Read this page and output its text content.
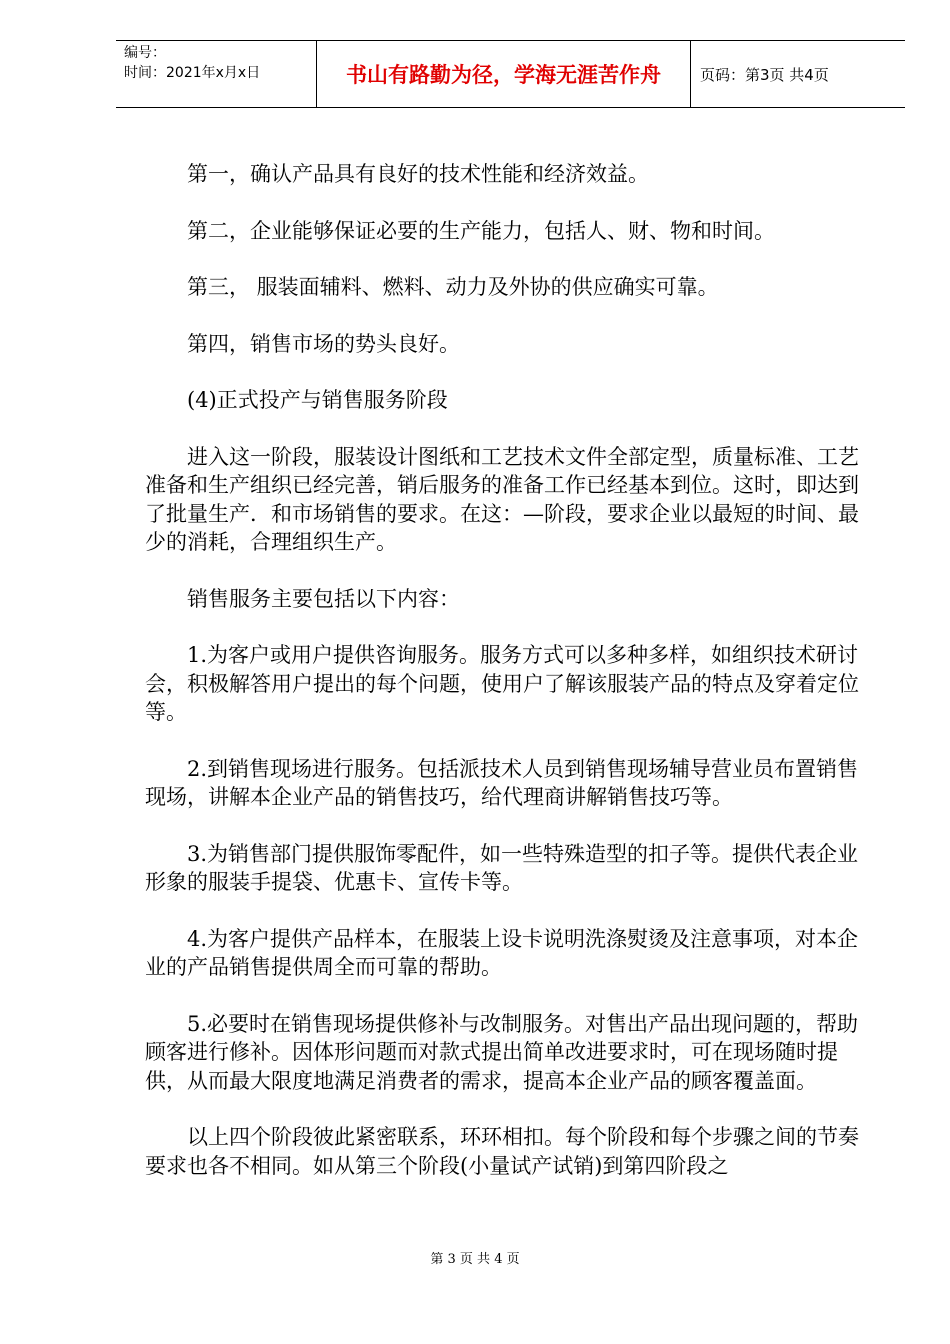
编号：
时间：2021年x月x日	书山有路勤为径，学海无涯苦作舟	页码：第3页 共4页

第一，确认产品具有良好的技术性能和经济效益。

第二，企业能够保证必要的生产能力，包括人、财、物和时间。

第三， 服装面辅料、燃料、动力及外协的供应确实可靠。

第四，销售市场的势头良好。

(4)正式投产与销售服务阶段

进入这一阶段，服装设计图纸和工艺技术文件全部定型，质量标准、工艺准备和生产组织已经完善，销后服务的准备工作已经基本到位。这时，即达到了批量生产．和市场销售的要求。在这：—阶段，要求企业以最短的时间、最少的消耗，合理组织生产。

销售服务主要包括以下内容：

1.为客户或用户提供咨询服务。服务方式可以多种多样，如组织技术研讨会，积极解答用户提出的每个问题，使用户了解该服装产品的特点及穿着定位等。

2.到销售现场进行服务。包括派技术人员到销售现场辅导营业员布置销售现场，讲解本企业产品的销售技巧，给代理商讲解销售技巧等。

3.为销售部门提供服饰零配件，如一些特殊造型的扣子等。提供代表企业形象的服装手提袋、优惠卡、宣传卡等。

4.为客户提供产品样本，在服装上设卡说明洗涤熨烫及注意事项，对本企业的产品销售提供周全而可靠的帮助。

5.必要时在销售现场提供修补与改制服务。对售出产品出现问题的，帮助顾客进行修补。因体形问题而对款式提出简单改进要求时，可在现场随时提供，从而最大限度地满足消费者的需求，提高本企业产品的顾客覆盖面。

以上四个阶段彼此紧密联系，环环相扣。每个阶段和每个步骤之间的节奏要求也各不相同。如从第三个阶段(小量试产试销)到第四阶段之

第 3 页 共 4 页
